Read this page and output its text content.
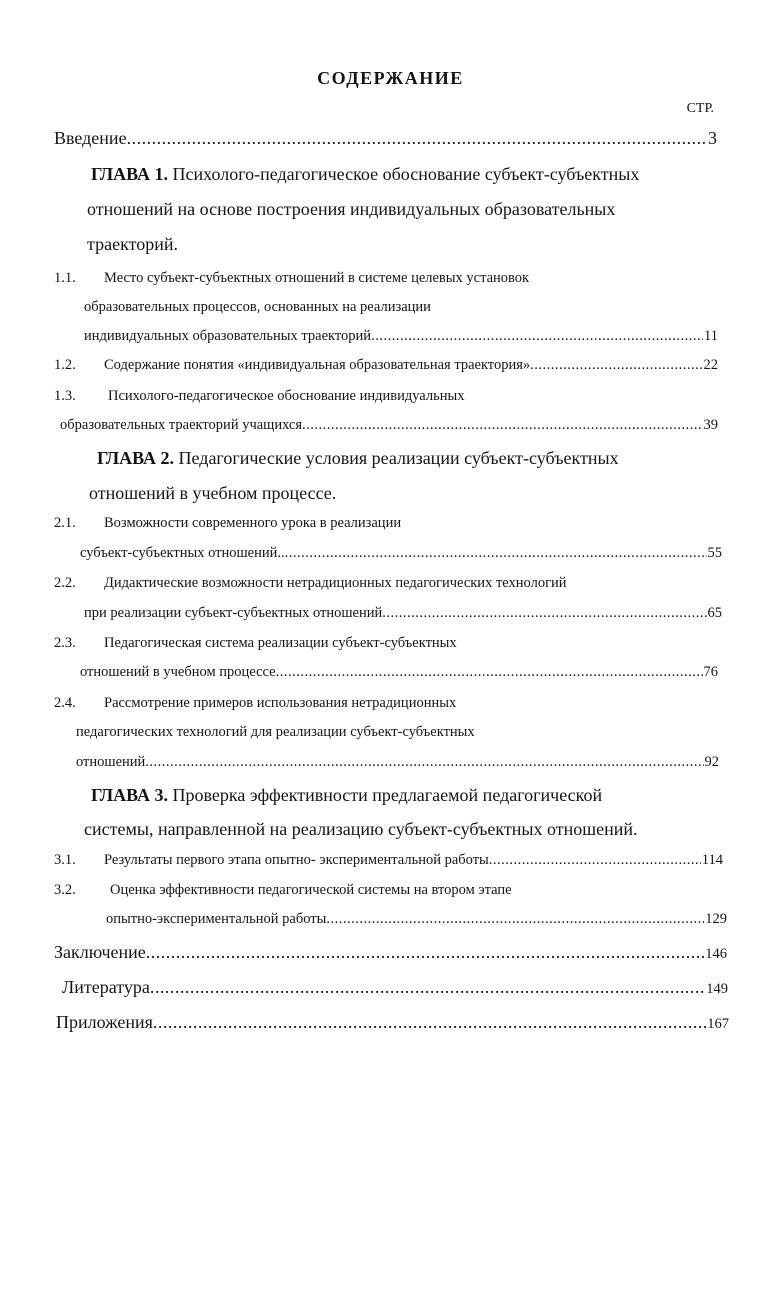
СОДЕРЖАНИЕ
СТР.
Введение .....	3
ГЛАВА 1. Психолого-педагогическое обоснование субъект-субъектных
отношений на основе построения индивидуальных образовательных
траекторий.
1.1. Место субъект-субъектных отношений в системе целевых установок
образовательных процессов, основанных на реализации
индивидуальных образовательных траекторий .....	11
1.2. Содержание понятия «индивидуальная образовательная траектория» .....	22
1.3. Психолого-педагогическое обоснование индивидуальных
образовательных траекторий учащихся .....	39
ГЛАВА 2. Педагогические условия реализации субъект-субъектных
отношений в учебном процессе.
2.1. Возможности современного урока в реализации
субъект-субъектных отношений.. .....	55
2.2. Дидактические возможности нетрадиционных педагогических технологий
при реализации субъект-субъектных отношений .....	65
2.3. Педагогическая система реализации субъект-субъектных
отношений в учебном процессе .....	76
2.4. Рассмотрение примеров использования нетрадиционных
педагогических технологий для реализации субъект-субъектных
отношений .....	92
ГЛАВА 3. Проверка эффективности предлагаемой педагогической
системы, направленной на реализацию субъект-субъектных отношений.
3.1. Результаты первого этапа опытно- экспериментальной работы .....	114
3.2. Оценка эффективности педагогической системы на втором этапе
опытно-экспериментальной работы .....	129
Заключение .....	146
Литература .....	149
Приложения .....	167
